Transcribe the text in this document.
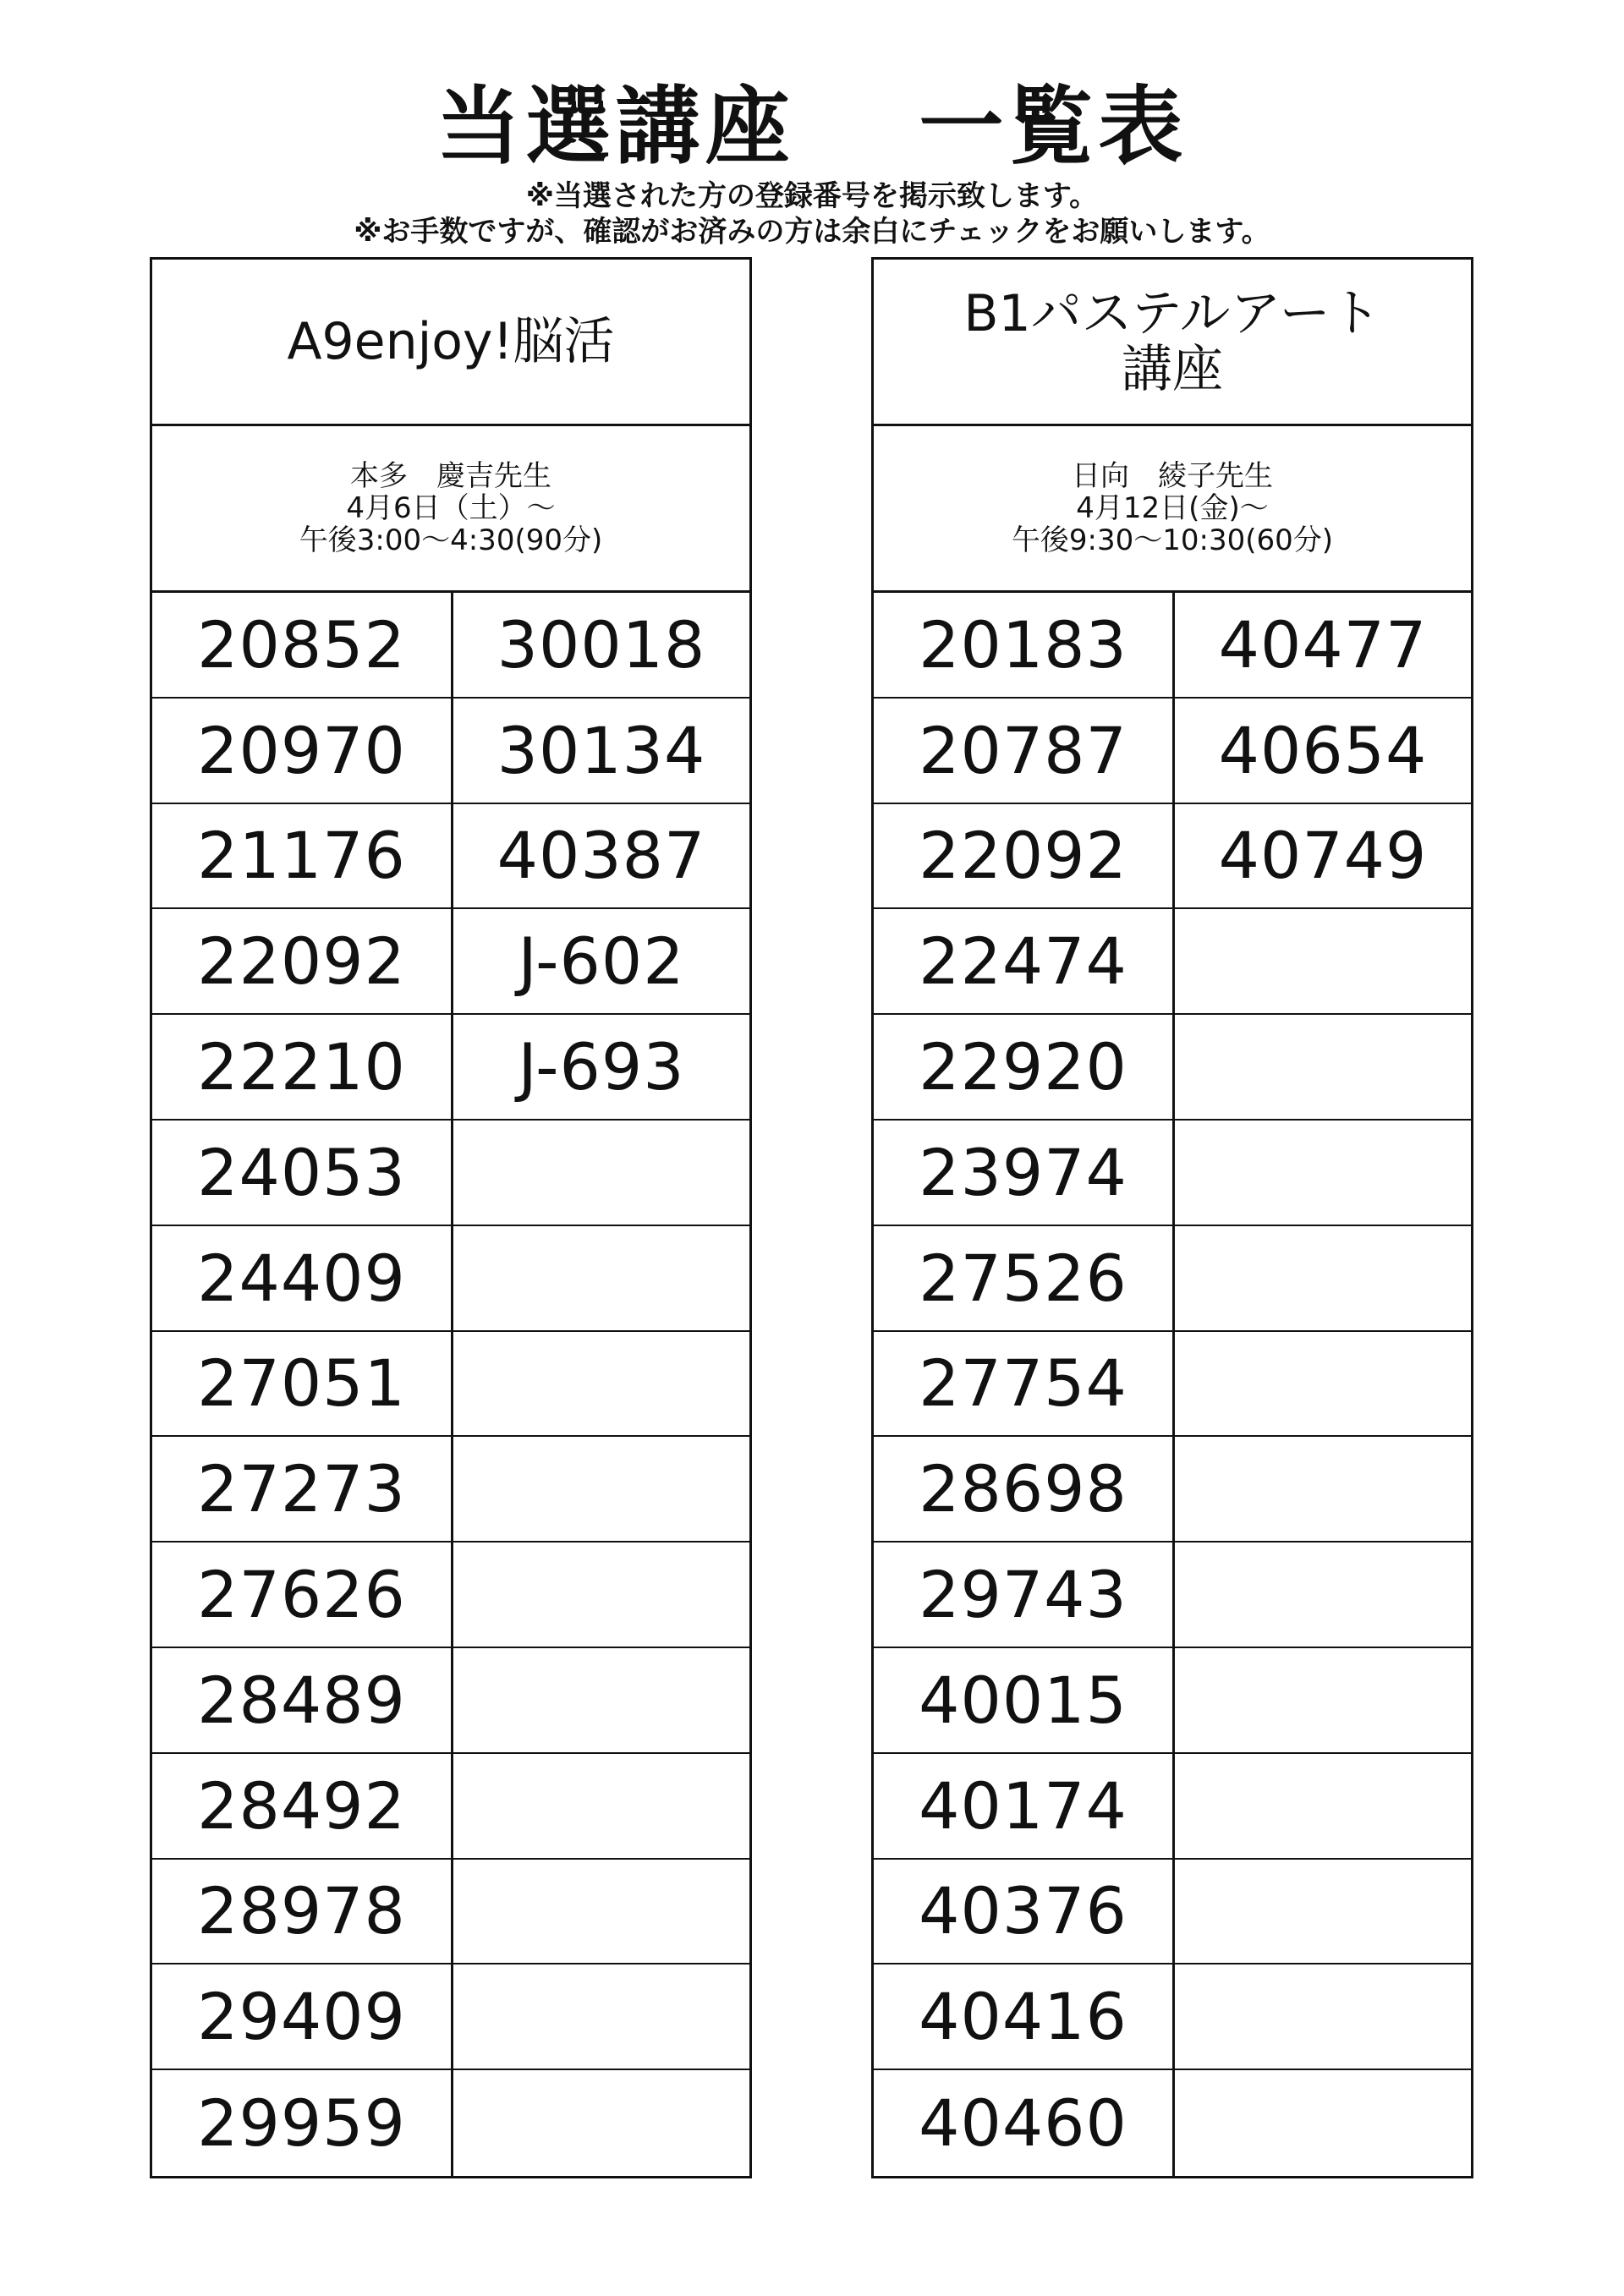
当選講座　 一覧表
※当選された方の登録番号を掲示致します。
※お手数ですが、確認がお済みの方は余白にチェックをお願いします。
A9enjoy!脳活
本多　慶吉先生
4月6日（土）～
午後3:00～4:30(90分)
20852	30018
20970	30134
21176	40387
22092	J-602
22210	J-693
24053
24409
27051
27273
27626
28489
28492
28978
29409
29959
B1パステルアート
講座
日向　綾子先生
4月12日(金)～
午後9:30～10:30(60分)
20183	40477
20787	40654
22092	40749
22474
22920
23974
27526
27754
28698
29743
40015
40174
40376
40416
40460
